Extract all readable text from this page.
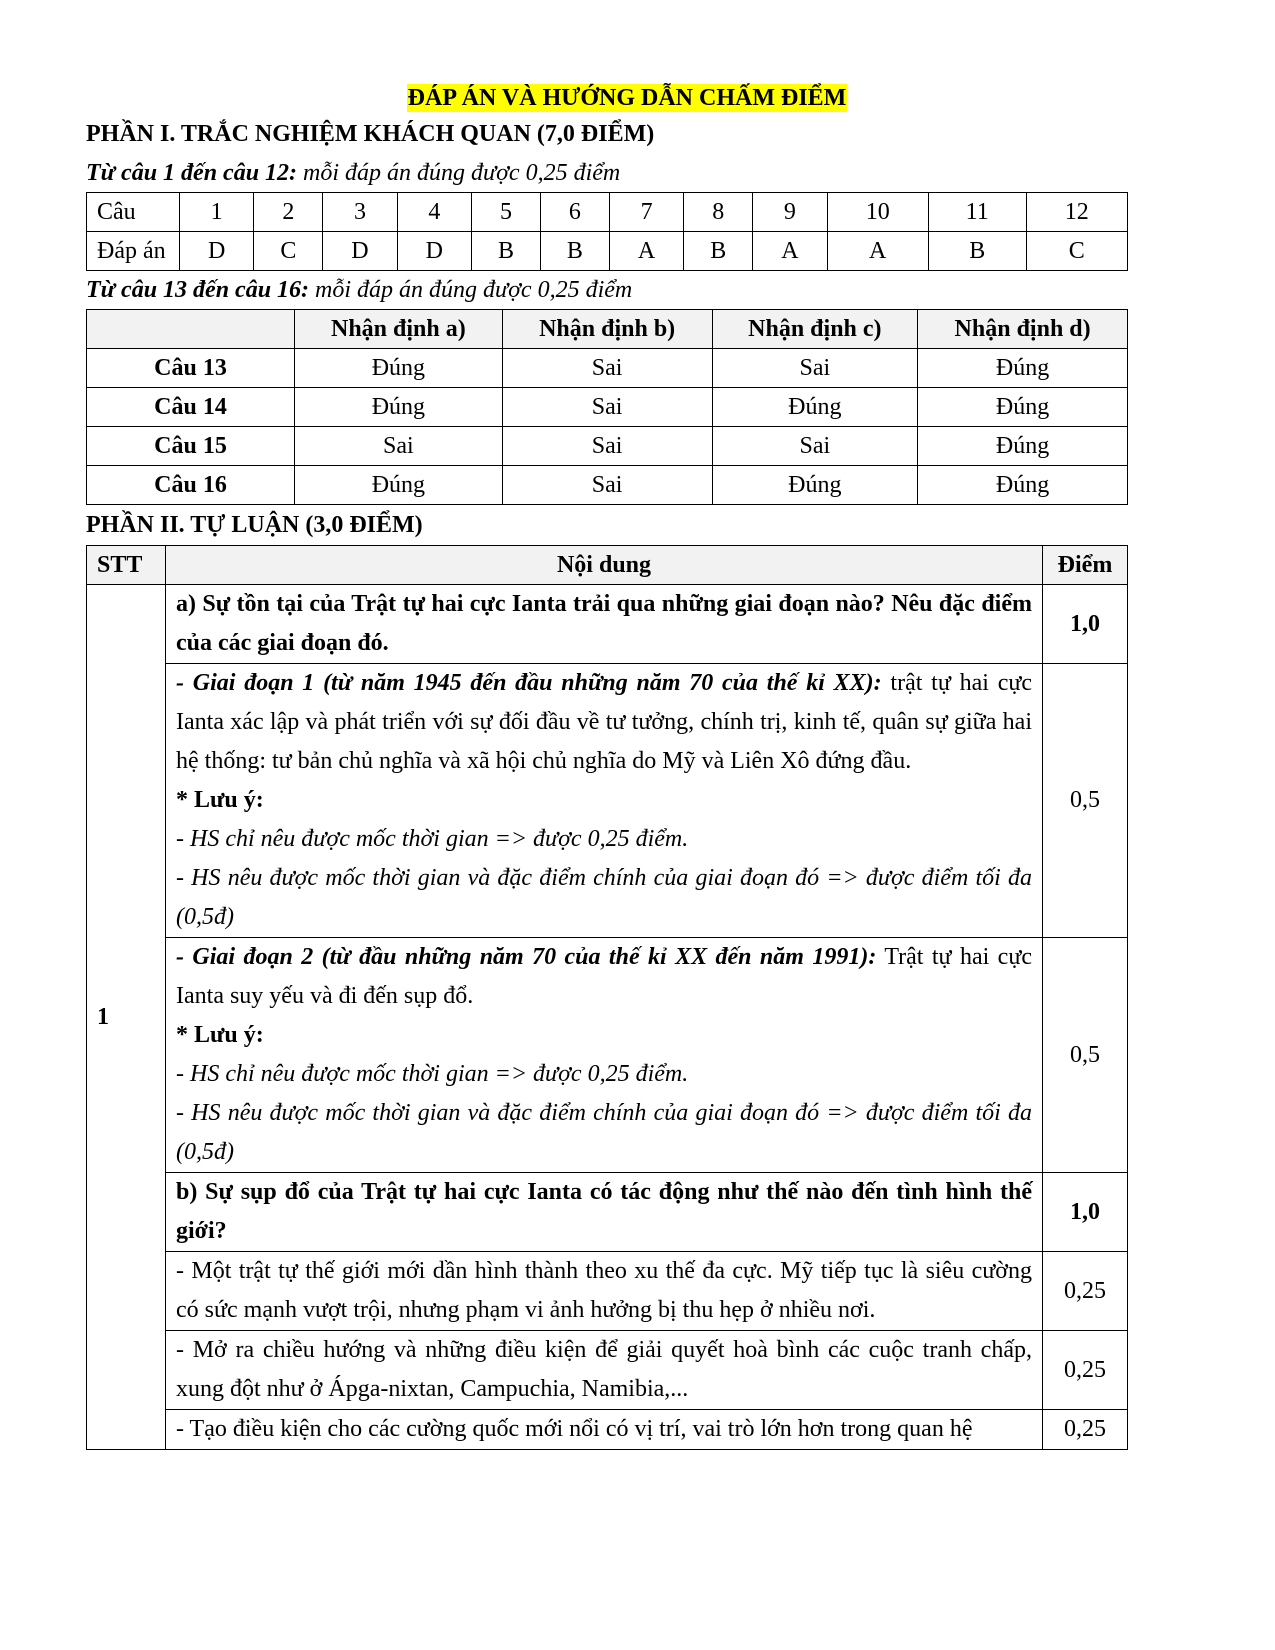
ĐÁP ÁN VÀ HƯỚNG DẪN CHẤM ĐIỂM
PHẦN I. TRẮC NGHIỆM KHÁCH QUAN (7,0 ĐIỂM)
Từ câu 1 đến câu 12: mỗi đáp án đúng được 0,25 điểm
Câu	1	2	3	4	5	6	7	8	9	10	11	12
Đáp án	D	C	D	D	B	B	A	B	A	A	B	C
Từ câu 13 đến câu 16: mỗi đáp án đúng được 0,25 điểm
	Nhận định a)	Nhận định b)	Nhận định c)	Nhận định d)
Câu 13	Đúng	Sai	Sai	Đúng
Câu 14	Đúng	Sai	Đúng	Đúng
Câu 15	Sai	Sai	Sai	Đúng
Câu 16	Đúng	Sai	Đúng	Đúng
PHẦN II. TỰ LUẬN (3,0 ĐIỂM)
STT	Nội dung	Điểm
1	a) Sự tồn tại của Trật tự hai cực Ianta trải qua những giai đoạn nào? Nêu đặc điểm của các giai đoạn đó.	1,0
	- Giai đoạn 1 (từ năm 1945 đến đầu những năm 70 của thế kỉ XX): trật tự hai cực Ianta xác lập và phát triển với sự đối đầu về tư tưởng, chính trị, kinh tế, quân sự giữa hai hệ thống: tư bản chủ nghĩa và xã hội chủ nghĩa do Mỹ và Liên Xô đứng đầu.
* Lưu ý:
- HS chỉ nêu được mốc thời gian => được 0,25 điểm.
- HS nêu được mốc thời gian và đặc điểm chính của giai đoạn đó => được điểm tối đa (0,5đ)	0,5
	- Giai đoạn 2 (từ đầu những năm 70 của thế kỉ XX đến năm 1991): Trật tự hai cực Ianta suy yếu và đi đến sụp đổ.
* Lưu ý:
- HS chỉ nêu được mốc thời gian => được 0,25 điểm.
- HS nêu được mốc thời gian và đặc điểm chính của giai đoạn đó => được điểm tối đa (0,5đ)	0,5
	b) Sự sụp đổ của Trật tự hai cực Ianta có tác động như thế nào đến tình hình thế giới?	1,0
	- Một trật tự thế giới mới dần hình thành theo xu thế đa cực. Mỹ tiếp tục là siêu cường có sức mạnh vượt trội, nhưng phạm vi ảnh hưởng bị thu hẹp ở nhiều nơi.	0,25
	- Mở ra chiều hướng và những điều kiện để giải quyết hoà bình các cuộc tranh chấp, xung đột như ở Ápga-nixtan, Campuchia, Namibia,...	0,25
	- Tạo điều kiện cho các cường quốc mới nổi có vị trí, vai trò lớn hơn trong quan hệ	0,25
